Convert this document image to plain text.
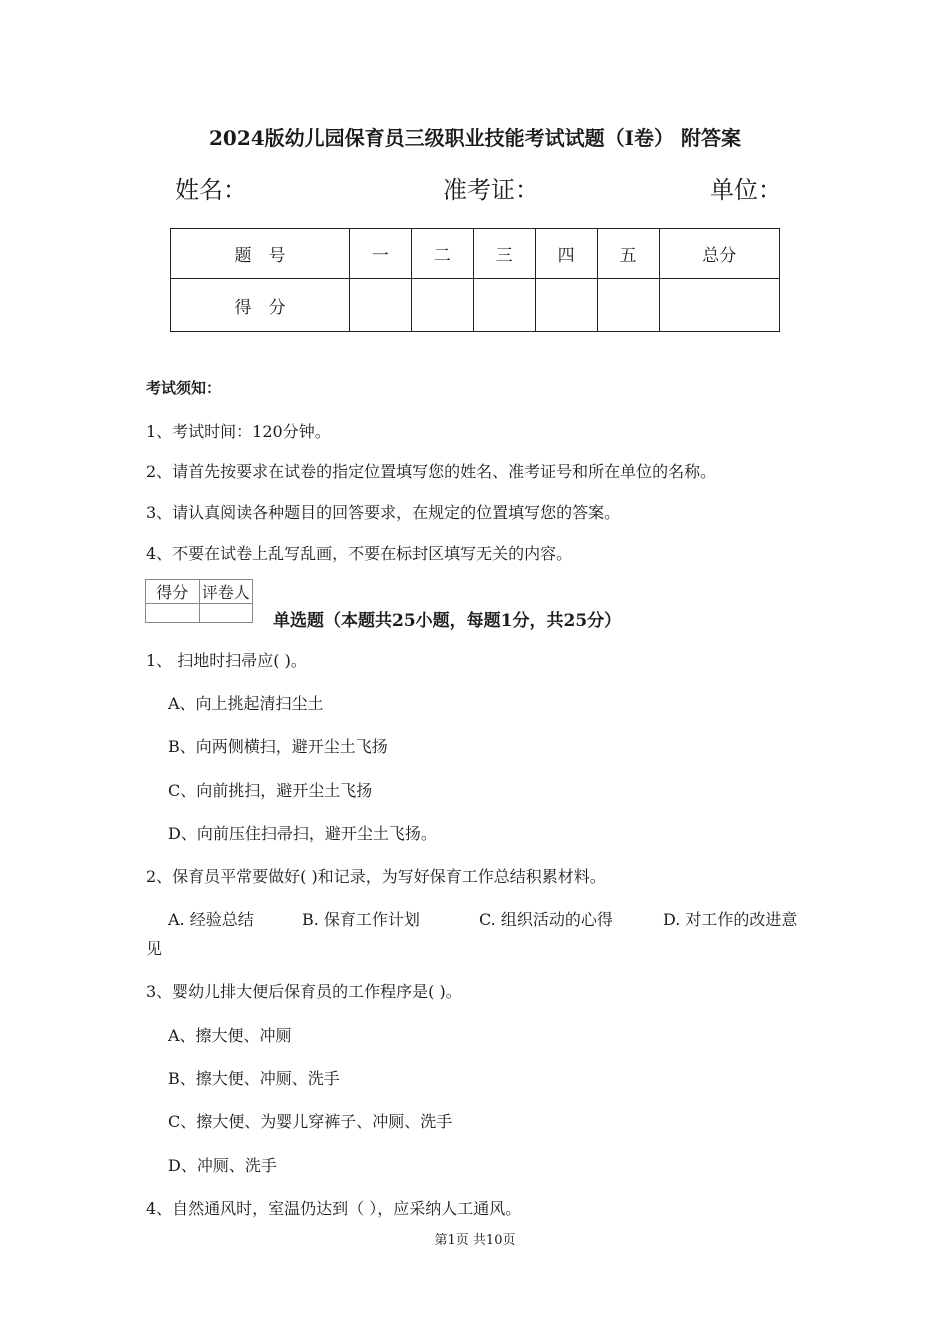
2024版幼儿园保育员三级职业技能考试试题（I卷） 附答案
姓名：	准考证：	单位：
题　号	一	二	三	四	五	总分
得　分						
考试须知：
1、考试时间：120分钟。
2、请首先按要求在试卷的指定位置填写您的姓名、准考证号和所在单位的名称。
3、请认真阅读各种题目的回答要求，在规定的位置填写您的答案。
4、不要在试卷上乱写乱画，不要在标封区填写无关的内容。
得分	评卷人

单选题（本题共25小题，每题1分，共25分）
1、 扫地时扫帚应( )。
A、向上挑起清扫尘土
B、向两侧横扫，避开尘土飞扬
C、向前挑扫，避开尘土飞扬
D、向前压住扫帚扫，避开尘土飞扬。
2、保育员平常要做好( )和记录，为写好保育工作总结积累材料。
A. 经验总结	B. 保育工作计划	C. 组织活动的心得	D. 对工作的改进意
见
3、婴幼儿排大便后保育员的工作程序是( )。
A、擦大便、冲厕
B、擦大便、冲厕、洗手
C、擦大便、为婴儿穿裤子、冲厕、洗手
D、冲厕、洗手
4、自然通风时，室温仍达到（ ），应采纳人工通风。
第1页 共10页
